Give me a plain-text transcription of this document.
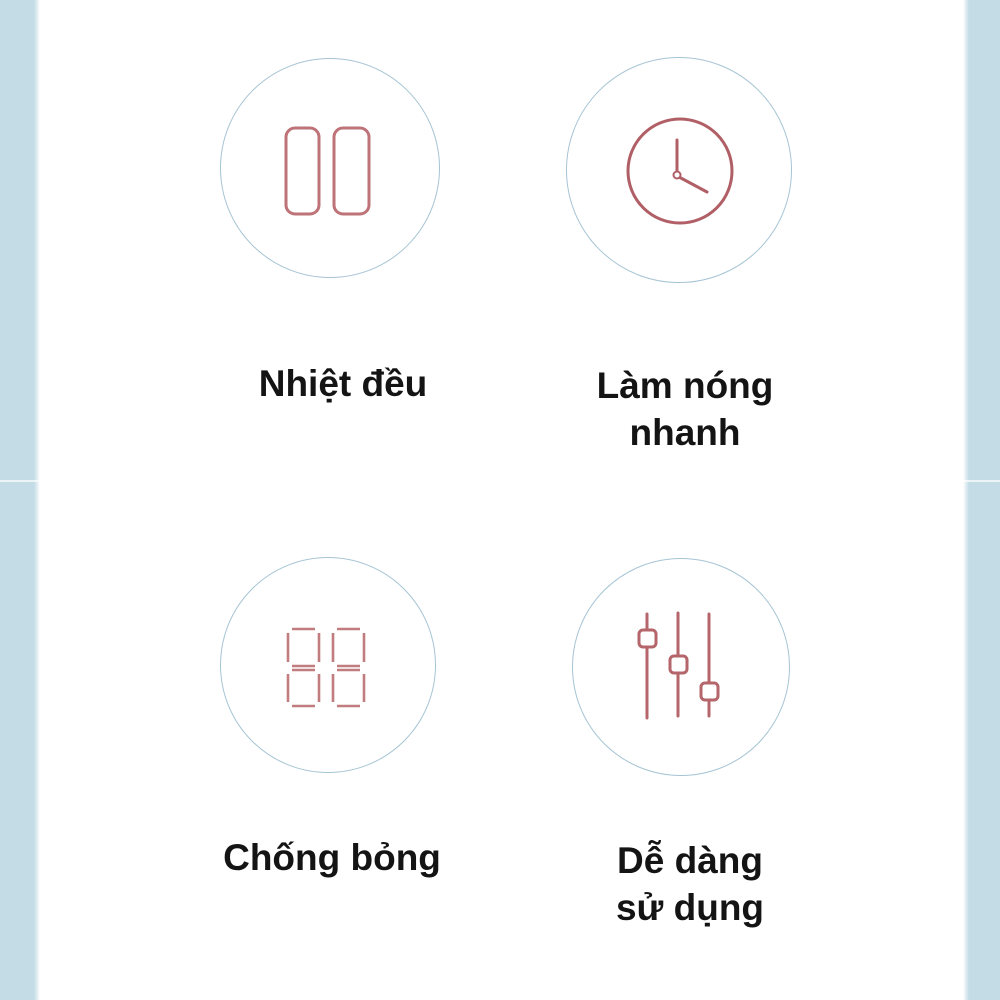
Nhiệt đều	Làm nóng
nhanh
Chống bỏng	Dễ dàng
sử dụng
